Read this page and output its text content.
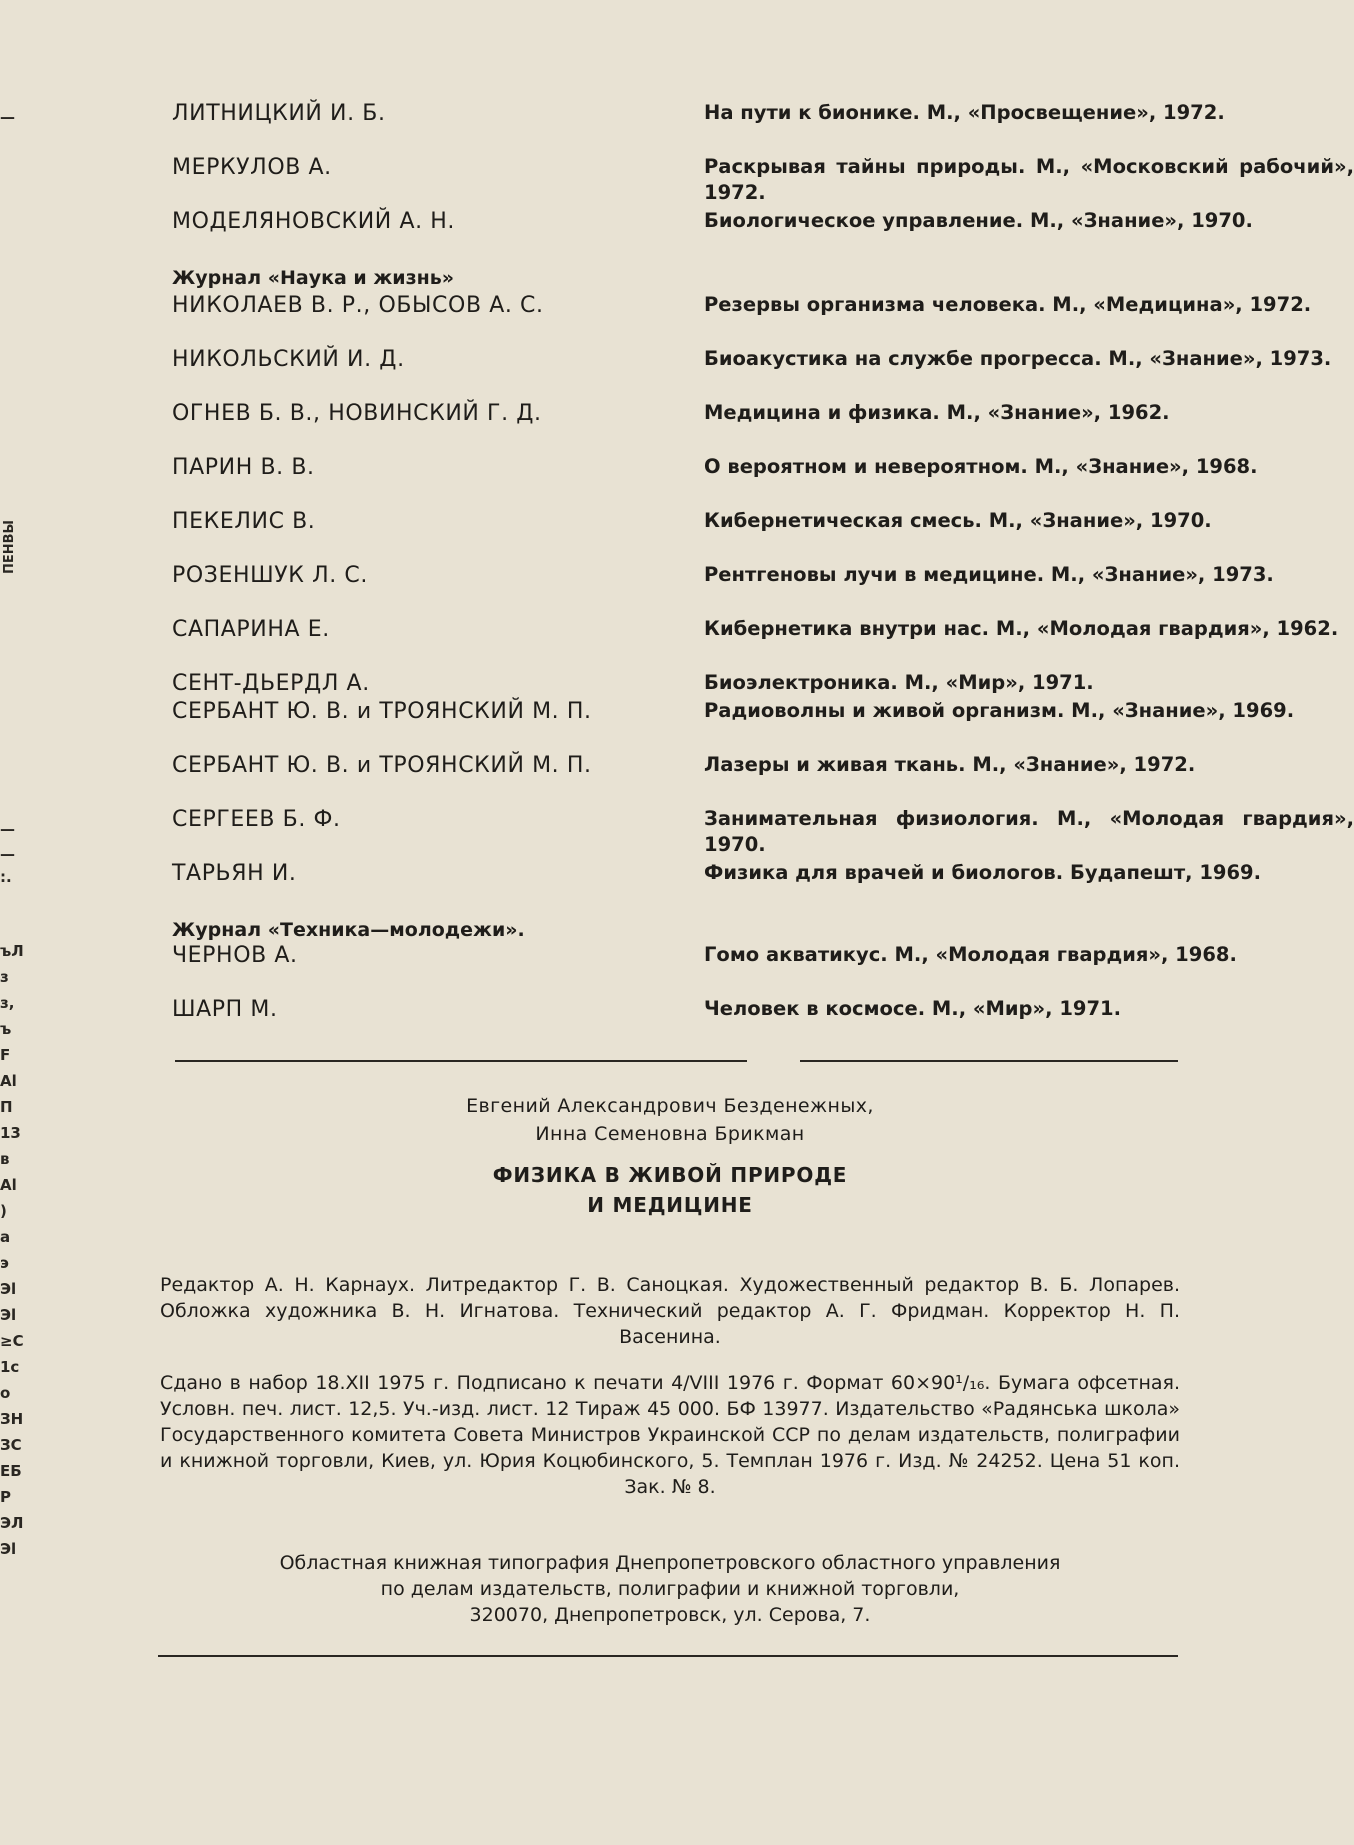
ПЕНВЫ
—
—
—
:.
ъЛ
з
з,
ъ
F
Al
П
13
в
Al
)
a
э
Эl
Эl
≥C
1c
о
ЗН
ЗС
ЕБ
Р
ЭЛ
Эl
ЛИТНИЦКИЙ И. Б.	На пути к бионике. М., «Просвещение», 1972.
МЕРКУЛОВ А.	Раскрывая тайны природы. М., «Московский рабочий», 1972.
МОДЕЛЯНОВСКИЙ А. Н.	Биологическое управление. М., «Знание», 1970.
Журнал «Наука и жизнь»
НИКОЛАЕВ В. Р., ОБЫСОВ А. С.	Резервы организма человека. М., «Медицина», 1972.
НИКОЛЬСКИЙ И. Д.	Биоакустика на службе прогресса. М., «Знание», 1973.
ОГНЕВ Б. В., НОВИНСКИЙ Г. Д.	Медицина и физика. М., «Знание», 1962.
ПАРИН В. В.	О вероятном и невероятном. М., «Знание», 1968.
ПЕКЕЛИС В.	Кибернетическая смесь. М., «Знание», 1970.
РОЗЕНШУК Л. С.	Рентгеновы лучи в медицине. М., «Знание», 1973.
САПАРИНА Е.	Кибернетика внутри нас. М., «Молодая гвардия», 1962.
СЕНТ-ДЬЕРДЛ А.	Биоэлектроника. М., «Мир», 1971.
СЕРБАНТ Ю. В. и ТРОЯНСКИЙ М. П.	Радиоволны и живой организм. М., «Знание», 1969.
СЕРБАНТ Ю. В. и ТРОЯНСКИЙ М. П.	Лазеры и живая ткань. М., «Знание», 1972.
СЕРГЕЕВ Б. Ф.	Занимательная физиология. М., «Молодая гвардия», 1970.
ТАРЬЯН И.	Физика для врачей и биологов. Будапешт, 1969.
Журнал «Техника—молодежи».
ЧЕРНОВ А.	Гомо акватикус. М., «Молодая гвардия», 1968.
ШАРП М.	Человек в космосе. М., «Мир», 1971.
Евгений Александрович Безденежных,
Инна Семеновна Брикман
ФИЗИКА В ЖИВОЙ ПРИРОДЕ
И МЕДИЦИНЕ
Редактор А. Н. Карнаух. Литредактор Г. В. Саноцкая. Художественный редактор В. Б. Лопарев. Обложка художника В. Н. Игнатова. Технический редактор А. Г. Фридман. Корректор Н. П. Васенина.
Сдано в набор 18.XII 1975 г. Подписано к печати 4/VIII 1976 г. Формат 60×90¹/₁₆. Бумага офсетная. Условн. печ. лист. 12,5. Уч.-изд. лист. 12 Тираж 45 000. БФ 13977. Издательство «Радянська школа» Государственного комитета Совета Министров Украинской ССР по делам издательств, полиграфии и книжной торговли, Киев, ул. Юрия Коцюбинского, 5. Темплан 1976 г. Изд. № 24252. Цена 51 коп. Зак. № 8.
Областная книжная типография Днепропетровского областного управления
по делам издательств, полиграфии и книжной торговли,
320070, Днепропетровск, ул. Серова, 7.
